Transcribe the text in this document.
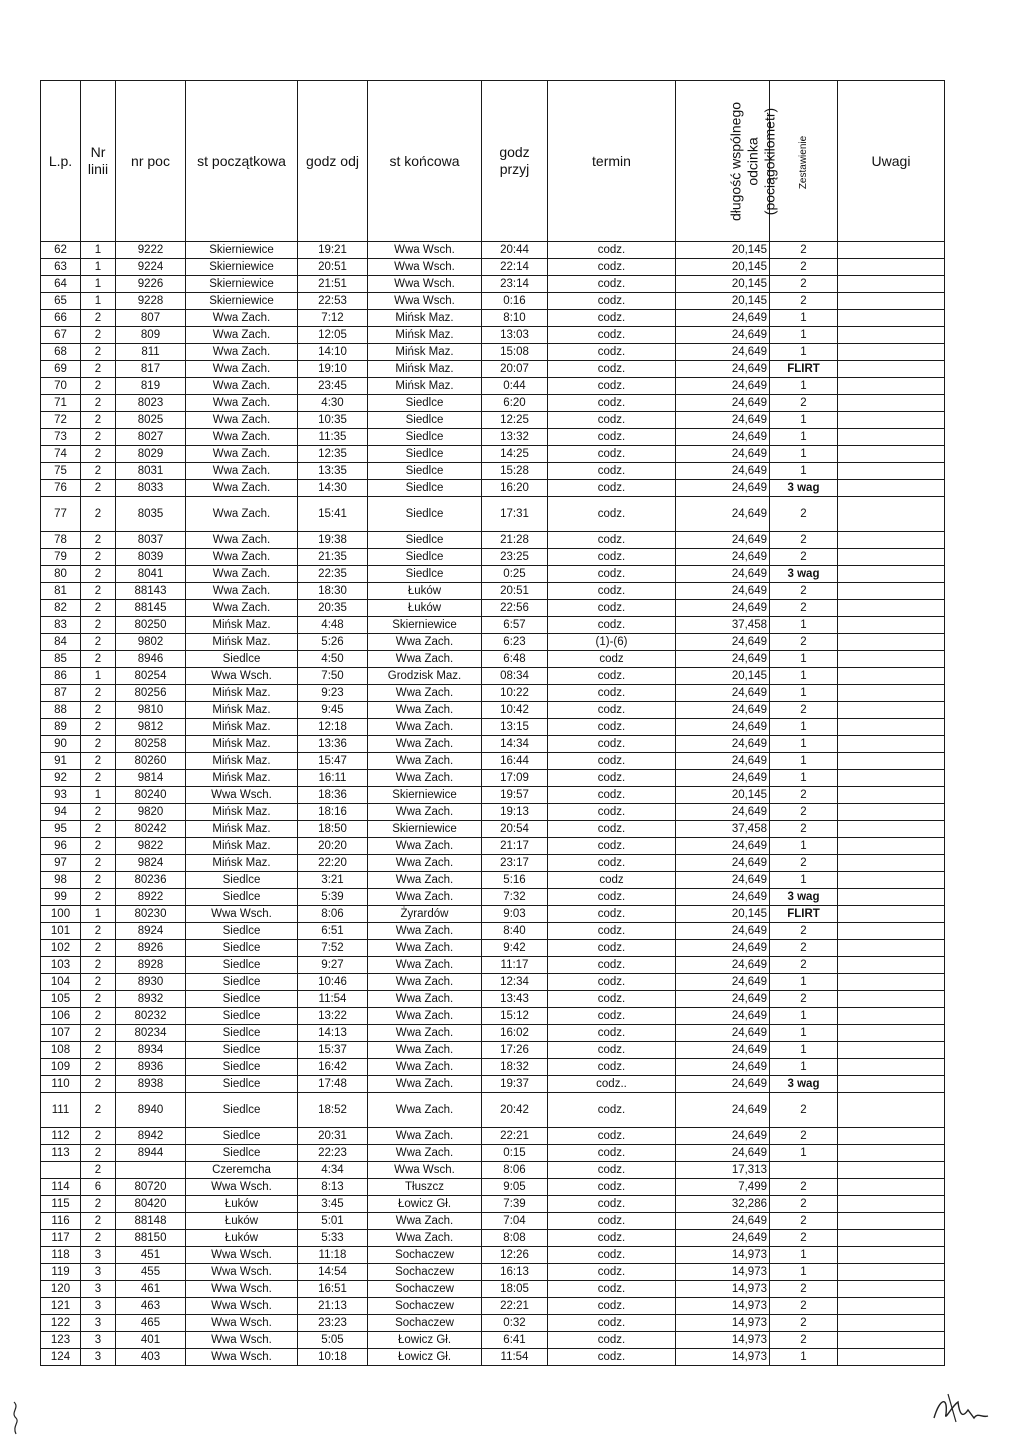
L.p.	Nr linii	nr poc	st początkowa	godz odj	st końcowa	godz przyj	termin	długość wspólnego odcinka (pociągokilometr)	Zestawienie	Uwagi
62	1	9222	Skierniewice	19:21	Wwa Wsch.	20:44	codz.	20,145	2	
63	1	9224	Skierniewice	20:51	Wwa Wsch.	22:14	codz.	20,145	2	
64	1	9226	Skierniewice	21:51	Wwa Wsch.	23:14	codz.	20,145	2	
65	1	9228	Skierniewice	22:53	Wwa Wsch.	0:16	codz.	20,145	2	
66	2	807	Wwa Zach.	7:12	Mińsk Maz.	8:10	codz.	24,649	1	
67	2	809	Wwa Zach.	12:05	Mińsk Maz.	13:03	codz.	24,649	1	
68	2	811	Wwa Zach.	14:10	Mińsk Maz.	15:08	codz.	24,649	1	
69	2	817	Wwa Zach.	19:10	Mińsk Maz.	20:07	codz.	24,649	FLIRT	
70	2	819	Wwa Zach.	23:45	Mińsk Maz.	0:44	codz.	24,649	1	
71	2	8023	Wwa Zach.	4:30	Siedlce	6:20	codz.	24,649	2	
72	2	8025	Wwa Zach.	10:35	Siedlce	12:25	codz.	24,649	1	
73	2	8027	Wwa Zach.	11:35	Siedlce	13:32	codz.	24,649	1	
74	2	8029	Wwa Zach.	12:35	Siedlce	14:25	codz.	24,649	1	
75	2	8031	Wwa Zach.	13:35	Siedlce	15:28	codz.	24,649	1	
76	2	8033	Wwa Zach.	14:30	Siedlce	16:20	codz.	24,649	3 wag	
77	2	8035	Wwa Zach.	15:41	Siedlce	17:31	codz.	24,649	2	
78	2	8037	Wwa Zach.	19:38	Siedlce	21:28	codz.	24,649	2	
79	2	8039	Wwa Zach.	21:35	Siedlce	23:25	codz.	24,649	2	
80	2	8041	Wwa Zach.	22:35	Siedlce	0:25	codz.	24,649	3 wag	
81	2	88143	Wwa Zach.	18:30	Łuków	20:51	codz.	24,649	2	
82	2	88145	Wwa Zach.	20:35	Łuków	22:56	codz.	24,649	2	
83	2	80250	Mińsk Maz.	4:48	Skierniewice	6:57	codz.	37,458	1	
84	2	9802	Mińsk Maz.	5:26	Wwa Zach.	6:23	(1)-(6)	24,649	2	
85	2	8946	Siedlce	4:50	Wwa Zach.	6:48	codz	24,649	1	
86	1	80254	Wwa Wsch.	7:50	Grodzisk Maz.	08:34	codz.	20,145	1	
87	2	80256	Mińsk Maz.	9:23	Wwa Zach.	10:22	codz.	24,649	1	
88	2	9810	Mińsk Maz.	9:45	Wwa Zach.	10:42	codz.	24,649	2	
89	2	9812	Mińsk Maz.	12:18	Wwa Zach.	13:15	codz.	24,649	1	
90	2	80258	Mińsk Maz.	13:36	Wwa Zach.	14:34	codz.	24,649	1	
91	2	80260	Mińsk Maz.	15:47	Wwa Zach.	16:44	codz.	24,649	1	
92	2	9814	Mińsk Maz.	16:11	Wwa Zach.	17:09	codz.	24,649	1	
93	1	80240	Wwa Wsch.	18:36	Skierniewice	19:57	codz.	20,145	2	
94	2	9820	Mińsk Maz.	18:16	Wwa Zach.	19:13	codz.	24,649	2	
95	2	80242	Mińsk Maz.	18:50	Skierniewice	20:54	codz.	37,458	2	
96	2	9822	Mińsk Maz.	20:20	Wwa Zach.	21:17	codz.	24,649	1	
97	2	9824	Mińsk Maz.	22:20	Wwa Zach.	23:17	codz.	24,649	2	
98	2	80236	Siedlce	3:21	Wwa Zach.	5:16	codz	24,649	1	
99	2	8922	Siedlce	5:39	Wwa Zach.	7:32	codz.	24,649	3 wag	
100	1	80230	Wwa Wsch.	8:06	Żyrardów	9:03	codz.	20,145	FLIRT	
101	2	8924	Siedlce	6:51	Wwa Zach.	8:40	codz.	24,649	2	
102	2	8926	Siedlce	7:52	Wwa Zach.	9:42	codz.	24,649	2	
103	2	8928	Siedlce	9:27	Wwa Zach.	11:17	codz.	24,649	2	
104	2	8930	Siedlce	10:46	Wwa Zach.	12:34	codz.	24,649	1	
105	2	8932	Siedlce	11:54	Wwa Zach.	13:43	codz.	24,649	2	
106	2	80232	Siedlce	13:22	Wwa Zach.	15:12	codz.	24,649	1	
107	2	80234	Siedlce	14:13	Wwa Zach.	16:02	codz.	24,649	1	
108	2	8934	Siedlce	15:37	Wwa Zach.	17:26	codz.	24,649	1	
109	2	8936	Siedlce	16:42	Wwa Zach.	18:32	codz.	24,649	1	
110	2	8938	Siedlce	17:48	Wwa Zach.	19:37	codz..	24,649	3 wag	
111	2	8940	Siedlce	18:52	Wwa Zach.	20:42	codz.	24,649	2	
112	2	8942	Siedlce	20:31	Wwa Zach.	22:21	codz.	24,649	2	
113	2	8944	Siedlce	22:23	Wwa Zach.	0:15	codz.	24,649	1	
	2		Czeremcha	4:34	Wwa Wsch.	8:06	codz.	17,313		
114	6	80720	Wwa Wsch.	8:13	Tłuszcz	9:05	codz.	7,499	2	
115	2	80420	Łuków	3:45	Łowicz Gł.	7:39	codz.	32,286	2	
116	2	88148	Łuków	5:01	Wwa Zach.	7:04	codz.	24,649	2	
117	2	88150	Łuków	5:33	Wwa Zach.	8:08	codz.	24,649	2	
118	3	451	Wwa Wsch.	11:18	Sochaczew	12:26	codz.	14,973	1	
119	3	455	Wwa Wsch.	14:54	Sochaczew	16:13	codz.	14,973	1	
120	3	461	Wwa Wsch.	16:51	Sochaczew	18:05	codz.	14,973	2	
121	3	463	Wwa Wsch.	21:13	Sochaczew	22:21	codz.	14,973	2	
122	3	465	Wwa Wsch.	23:23	Sochaczew	0:32	codz.	14,973	2	
123	3	401	Wwa Wsch.	5:05	Łowicz Gł.	6:41	codz.	14,973	2	
124	3	403	Wwa Wsch.	10:18	Łowicz Gł.	11:54	codz.	14,973	1	
